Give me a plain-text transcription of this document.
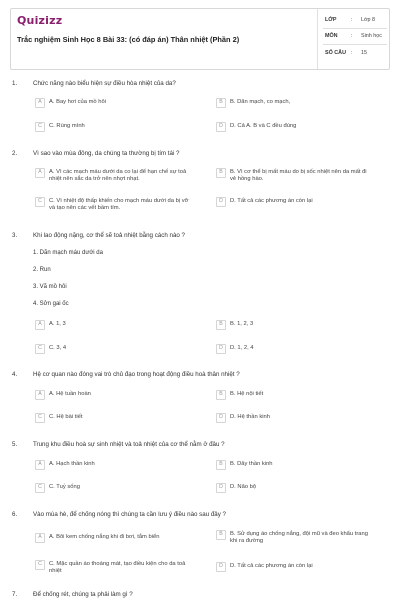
Quizizz
Trắc nghiệm Sinh Học 8 Bài 33: (có đáp án) Thân nhiệt (Phần 2)
LỚP	: Lớp 8
MÔN : Sinh học
SỐ CÂU : 15
1.	Chức năng nào biểu hiện sự điều hòa nhiệt của da?
A	A. Bay hơi của mồ hôi	B	B. Dãn mạch, co mạch,
C	C. Rùng mình	D	D. Cả A. B và C đều đúng
2.	Vì sao vào mùa đông, da chúng ta thường bị tím tái ?
A	A. Vì các mạch máu dưới da co lại để hạn chế sự toả nhiệt nên sắc da trở nên nhợt nhạt.
B	B. Vì cơ thể bị mất máu do bị sốc nhiệt nên da mất đi vẻ hồng hào.
C	C. Vì nhiệt độ thấp khiến cho mạch máu dưới da bị vỡ và tạo nên các vết bầm tím.
D	D. Tất cả các phương án còn lại
3.	Khi lao động nặng, cơ thể sẽ toả nhiệt bằng cách nào ?
1. Dãn mạch máu dưới da
2. Run
3. Vã mồ hôi
4. Sởn gai ốc
A	A. 1, 3	B	B. 1, 2, 3
C	C. 3, 4	D	D. 1, 2, 4
4.	Hệ cơ quan nào đóng vai trò chủ đạo trong hoạt động điều hoà thân nhiệt ?
A	A. Hệ tuần hoàn	B	B. Hệ nội tiết
C	C. Hệ bài tiết	D	D. Hệ thần kinh
5.	Trung khu điều hoà sự sinh nhiệt và toả nhiệt của cơ thể nằm ở đâu ?
A	A. Hạch thần kinh	B	B. Dây thần kinh
C	C. Tuỷ sống	D	D. Não bộ
6.	Vào mùa hè, để chống nóng thì chúng ta cần lưu ý điều nào sau đây ?
A	A. Bôi kem chống nắng khi đi bơi, tắm biển	B	B. Sử dụng áo chống nắng, đội mũ và đeo khẩu trang khi ra đường
C	C. Mặc quần áo thoáng mát, tạo điều kiện cho da toả nhiệt
D	D. Tất cả các phương án còn lại
7.	Để chống rét, chúng ta phải làm gì ?
